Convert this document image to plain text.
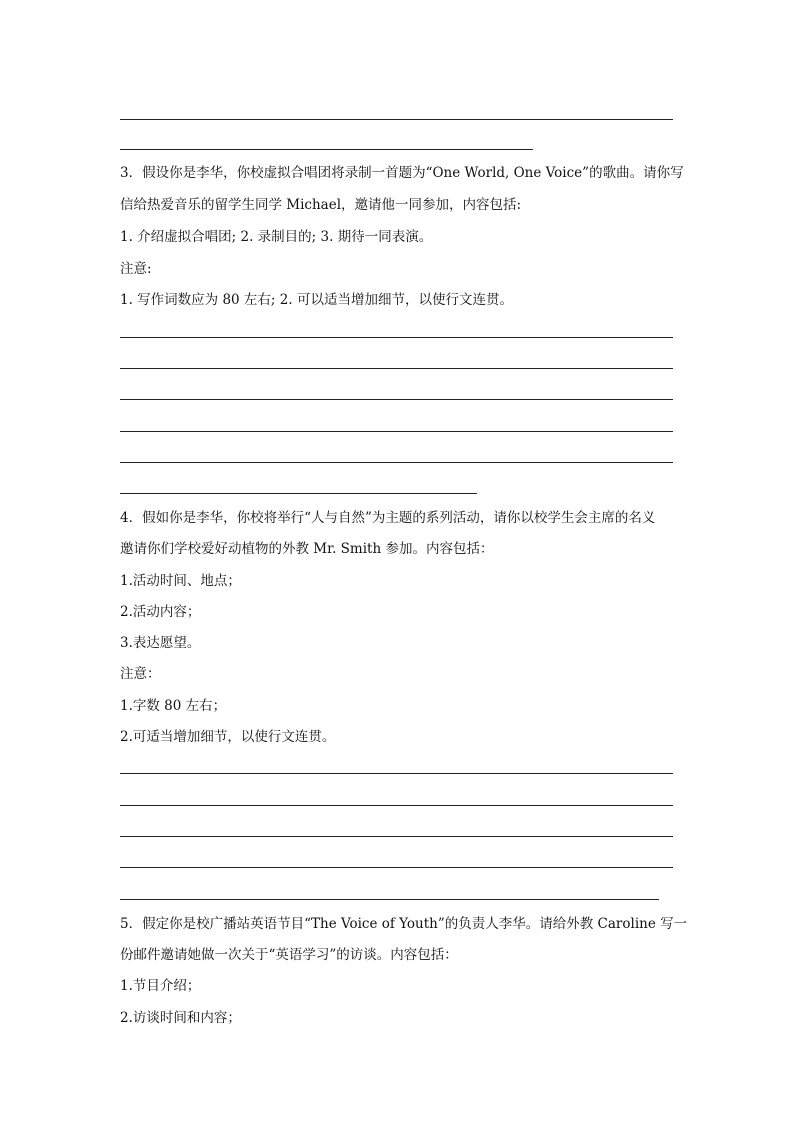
3．假设你是李华，你校虚拟合唱团将录制一首题为“One World, One Voice”的歌曲。请你写
信给热爱音乐的留学生同学 Michael，邀请他一同参加，内容包括:
1. 介绍虚拟合唱团; 2. 录制目的; 3. 期待一同表演。
注意:
1. 写作词数应为 80 左右; 2. 可以适当增加细节，以使行文连贯。
4．假如你是李华，你校将举行“人与自然”为主题的系列活动，请你以校学生会主席的名义
邀请你们学校爱好动植物的外教 Mr. Smith 参加。内容包括：
1.活动时间、地点；
2.活动内容；
3.表达愿望。
注意：
1.字数 80 左右；
2.可适当增加细节，以使行文连贯。
5．假定你是校广播站英语节目“The Voice of Youth”的负责人李华。请给外教 Caroline 写一
份邮件邀请她做一次关于“英语学习”的访谈。内容包括：
1.节目介绍；
2.访谈时间和内容；
